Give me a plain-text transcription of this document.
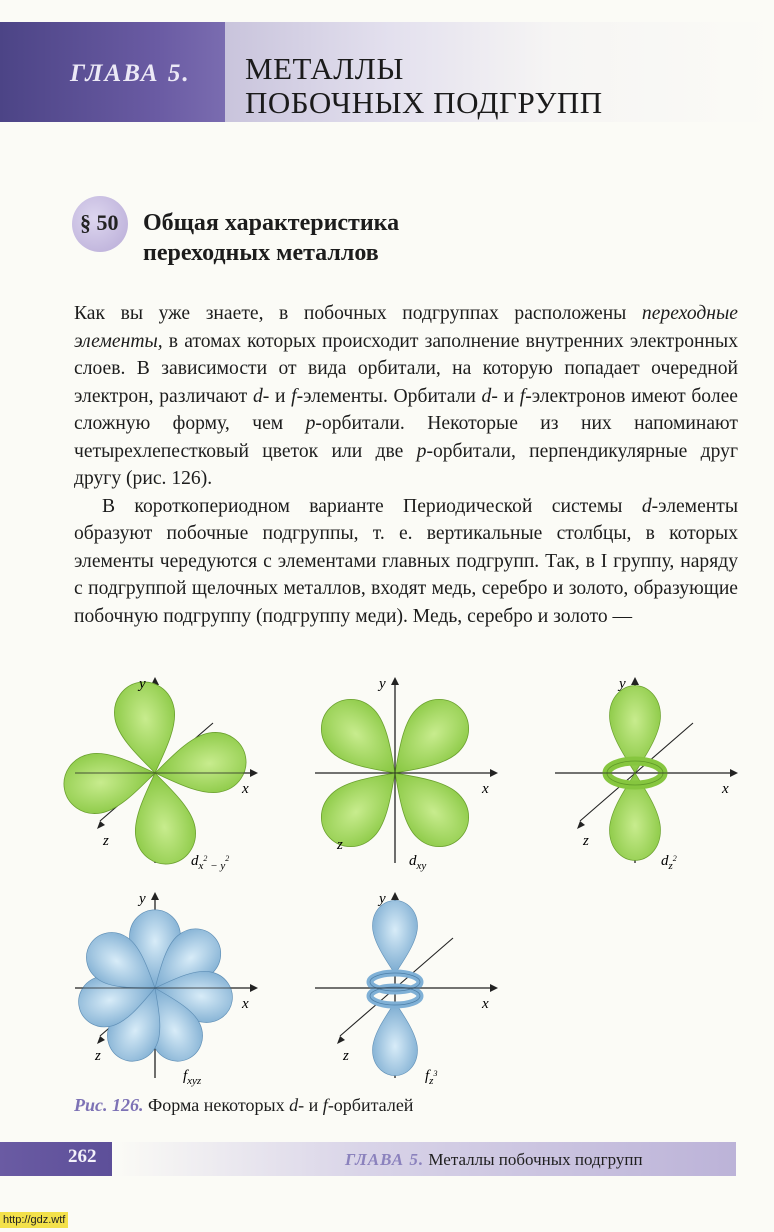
ГЛАВА 5. МЕТАЛЛЫ
ПОБОЧНЫХ ПОДГРУПП
§ 50 Общая характеристика
переходных металлов

Как вы уже знаете, в побочных подгруппах расположены переходные элементы, в атомах которых происходит заполнение внутренних электронных слоев. В зависимости от вида орбитали, на которую попадает очередной электрон, различают d- и f-элементы. Орбитали d- и f-электронов имеют более сложную форму, чем p-орбитали. Некоторые из них напоминают четырехлепестковый цветок или две p-орбитали, перпендикулярные друг другу (рис. 126).

В короткопериодном варианте Периодической системы d-элементы образуют побочные подгруппы, т. е. вертикальные столбцы, в которых элементы чередуются с элементами главных подгрупп. Так, в I группу, наряду с подгруппой щелочных металлов, входят медь, серебро и золото, образующие побочную подгруппу (подгруппу меди). Медь, серебро и золото —

y
x
z
$d_x^2$ $_{- y}^2$
y
x
z
$d_{xy}$
y
x
z
$d_z^2$
y
x
z
$f_{xyz}$
y
x
z
$f_z^3$
Рис. 126. Форма некоторых d- и f-орбиталей
262	ГЛАВА 5. Металлы побочных подгрупп
http://gdz.wtf
